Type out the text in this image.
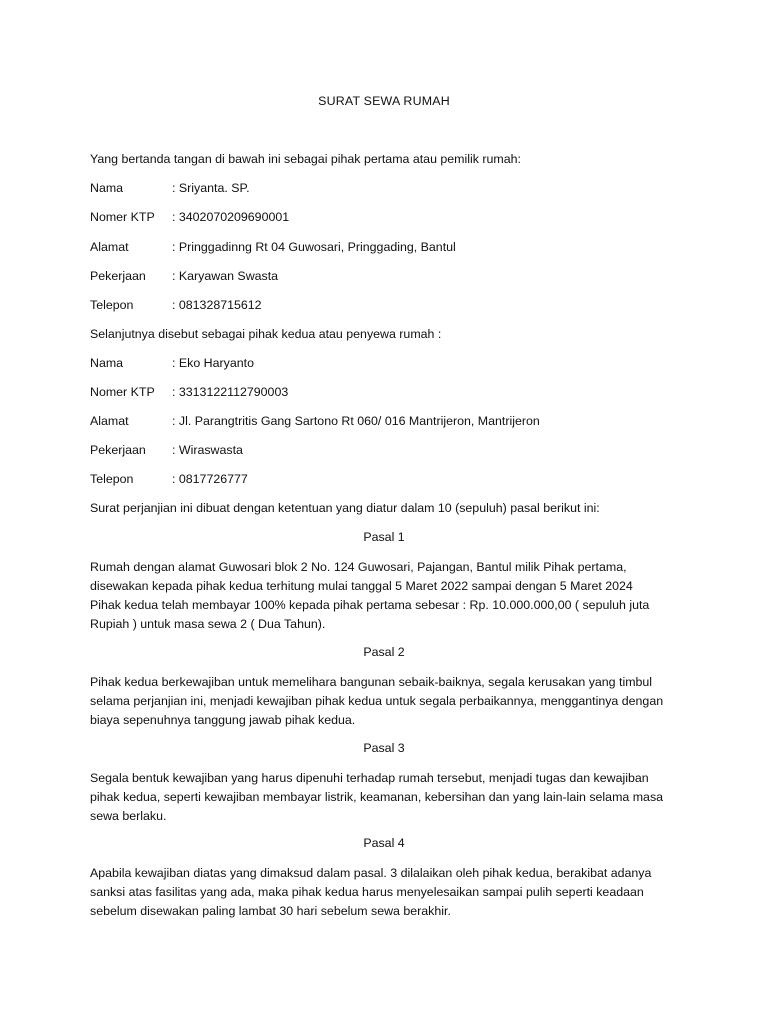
SURAT SEWA RUMAH
Yang bertanda tangan di bawah ini sebagai pihak pertama atau pemilik rumah:
Nama	: Sriyanta. SP.
Nomer KTP : 3402070209690001
Alamat	: Pringgadinng Rt 04 Guwosari, Pringgading, Bantul
Pekerjaan : Karyawan Swasta
Telepon	: 081328715612
Selanjutnya disebut sebagai pihak kedua atau penyewa rumah :
Nama	: Eko Haryanto
Nomer KTP : 3313122112790003
Alamat	: Jl. Parangtritis Gang Sartono Rt 060/ 016 Mantrijeron, Mantrijeron
Pekerjaan : Wiraswasta
Telepon	: 0817726777
Surat perjanjian ini dibuat dengan ketentuan yang diatur dalam 10 (sepuluh) pasal berikut ini:
Pasal 1
Rumah dengan alamat Guwosari blok 2 No. 124 Guwosari, Pajangan, Bantul milik Pihak pertama,
disewakan kepada pihak kedua terhitung mulai tanggal 5 Maret 2022 sampai dengan 5 Maret 2024
Pihak kedua telah membayar 100% kepada pihak pertama sebesar : Rp. 10.000.000,00 ( sepuluh juta
Rupiah ) untuk masa sewa 2 ( Dua Tahun).
Pasal 2
Pihak kedua berkewajiban untuk memelihara bangunan sebaik-baiknya, segala kerusakan yang timbul
selama perjanjian ini, menjadi kewajiban pihak kedua untuk segala perbaikannya, menggantinya dengan
biaya sepenuhnya tanggung jawab pihak kedua.
Pasal 3
Segala bentuk kewajiban yang harus dipenuhi terhadap rumah tersebut, menjadi tugas dan kewajiban
pihak kedua, seperti kewajiban membayar listrik, keamanan, kebersihan dan yang lain-lain selama masa
sewa berlaku.
Pasal 4
Apabila kewajiban diatas yang dimaksud dalam pasal. 3 dilalaikan oleh pihak kedua, berakibat adanya
sanksi atas fasilitas yang ada, maka pihak kedua harus menyelesaikan sampai pulih seperti keadaan
sebelum disewakan paling lambat 30 hari sebelum sewa berakhir.
